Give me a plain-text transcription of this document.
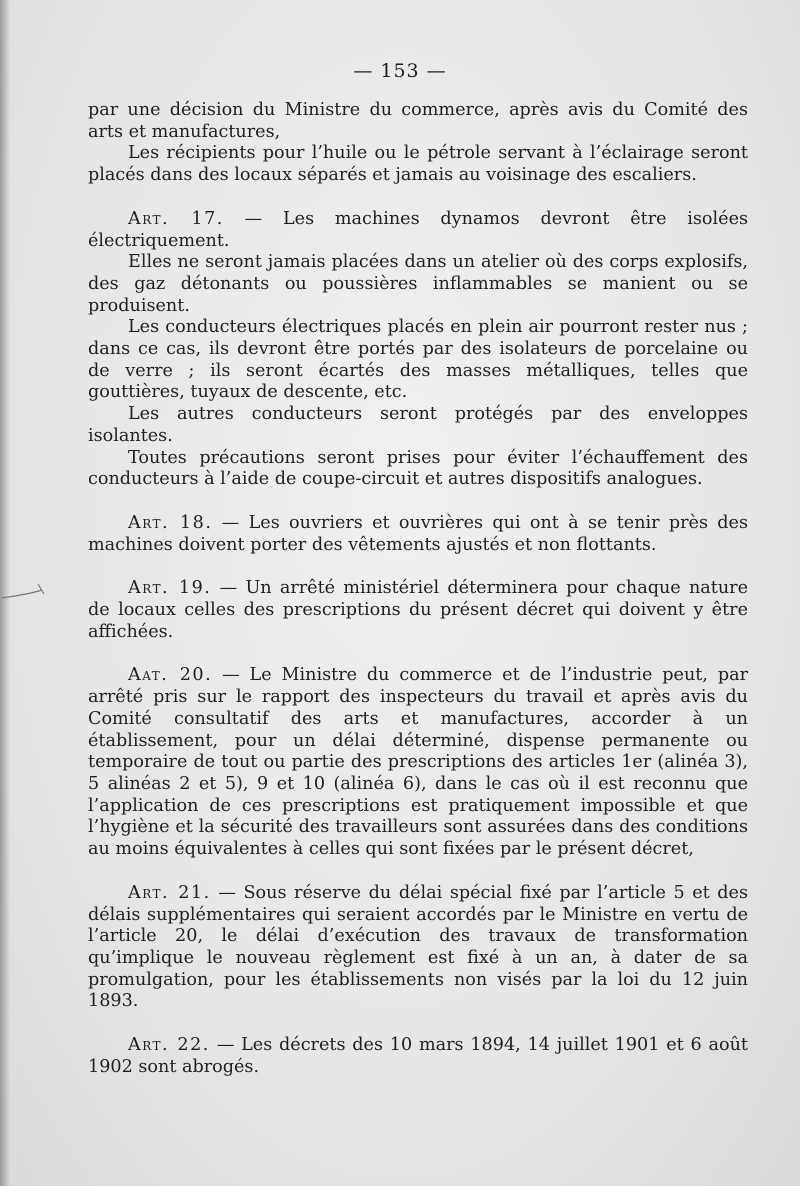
— 153 —

par une décision du Ministre du commerce, après avis du Comité des arts et manufactures,

Les récipients pour l’huile ou le pétrole servant à l’éclairage seront placés dans des locaux séparés et jamais au voisinage des escaliers.

Art. 17. — Les machines dynamos devront être isolées électriquement.

Elles ne seront jamais placées dans un atelier où des corps explosifs, des gaz détonants ou poussières inflammables se manient ou se produisent.

Les conducteurs électriques placés en plein air pourront rester nus ; dans ce cas, ils devront être portés par des isolateurs de porcelaine ou de verre ; ils seront écartés des masses métalliques, telles que gouttières, tuyaux de descente, etc.

Les autres conducteurs seront protégés par des enveloppes isolantes.

Toutes précautions seront prises pour éviter l’échauffement des conducteurs à l’aide de coupe-circuit et autres dispositifs analogues.

Art. 18. — Les ouvriers et ouvrières qui ont à se tenir près des machines doivent porter des vêtements ajustés et non flottants.

Art. 19. — Un arrêté ministériel déterminera pour chaque nature de locaux celles des prescriptions du présent décret qui doivent y être affichées.

Aat. 20. — Le Ministre du commerce et de l’industrie peut, par arrêté pris sur le rapport des inspecteurs du travail et après avis du Comité consultatif des arts et manufactures, accorder à un établissement, pour un délai déterminé, dispense permanente ou temporaire de tout ou partie des prescriptions des articles 1er (alinéa 3), 5 alinéas 2 et 5), 9 et 10 (alinéa 6), dans le cas où il est reconnu que l’application de ces prescriptions est pratiquement impossible et que l’hygiène et la sécurité des travailleurs sont assurées dans des conditions au moins équivalentes à celles qui sont fixées par le présent décret,

Art. 21. — Sous réserve du délai spécial fixé par l’article 5 et des délais supplémentaires qui seraient accordés par le Ministre en vertu de l’article 20, le délai d’exécution des travaux de transformation qu’implique le nouveau règlement est fixé à un an, à dater de sa promulgation, pour les établissements non visés par la loi du 12 juin 1893.

Art. 22. — Les décrets des 10 mars 1894, 14 juillet 1901 et 6 août 1902 sont abrogés.
